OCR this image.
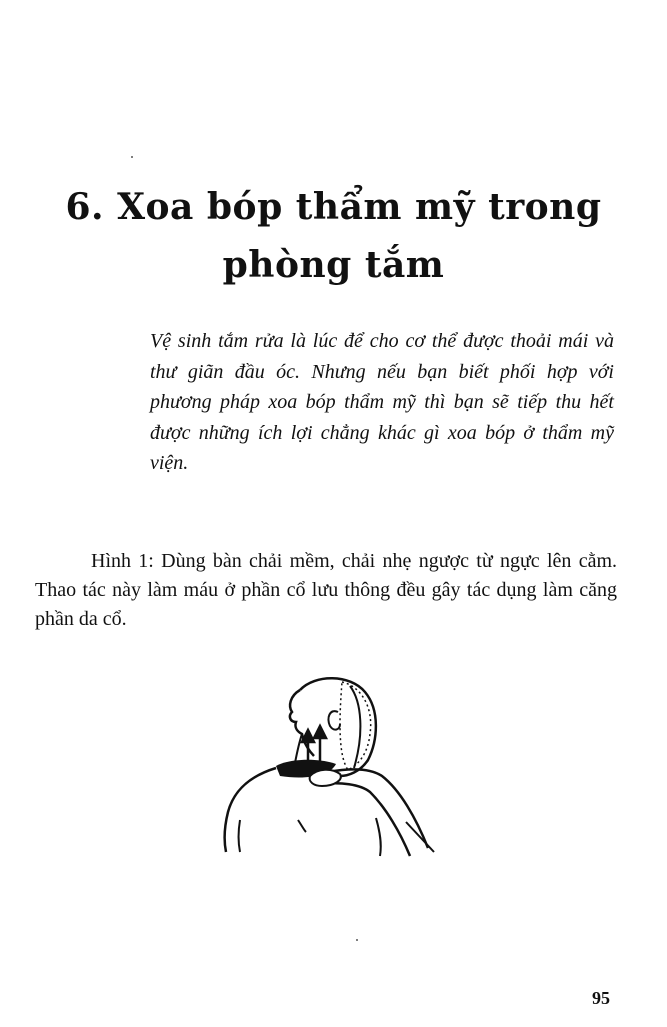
6. Xoa bóp thẩm mỹ trong
phòng tắm

Vệ sinh tắm rửa là lúc để cho cơ thể được thoải mái và thư giãn đầu óc. Nhưng nếu bạn biết phối hợp với phương pháp xoa bóp thẩm mỹ thì bạn sẽ tiếp thu hết được những ích lợi chẳng khác gì xoa bóp ở thẩm mỹ viện.

Hình 1: Dùng bàn chải mềm, chải nhẹ ngược từ ngực lên cằm. Thao tác này làm máu ở phần cổ lưu thông đều gây tác dụng làm căng phần da cổ.

95
